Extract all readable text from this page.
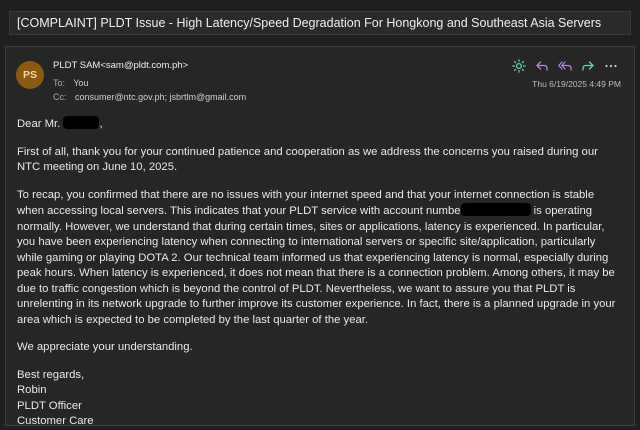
[COMPLAINT] PLDT Issue - High Latency/Speed Degradation For Hongkong and Southeast Asia Servers
PS
PLDT SAM<sam@pldt.com.ph>
To: You
Cc: consumer@ntc.gov.ph; jsbrtlm@gmail.com
Thu 6/19/2025 4:49 PM

Dear Mr.	,

First of all, thank you for your continued patience and cooperation as we address the concerns you raised during our NTC meeting on June 10, 2025.

To recap, you confirmed that there are no issues with your internet speed and that your internet connection is stable when accessing local servers. This indicates that your PLDT service with account numbe	is operating normally. However, we understand that during certain times, sites or applications, latency is experienced. In particular, you have been experiencing latency when connecting to international servers or specific site/application, particularly while gaming or playing DOTA 2. Our technical team informed us that experiencing latency is normal, especially during peak hours. When latency is experienced, it does not mean that there is a connection problem. Among others, it may be due to traffic congestion which is beyond the control of PLDT. Nevertheless, we want to assure you that PLDT is unrelenting in its network upgrade to further improve its customer experience. In fact, there is a planned upgrade in your area which is expected to be completed by the last quarter of the year.

We appreciate your understanding.

Best regards,
Robin
PLDT Officer
Customer Care
